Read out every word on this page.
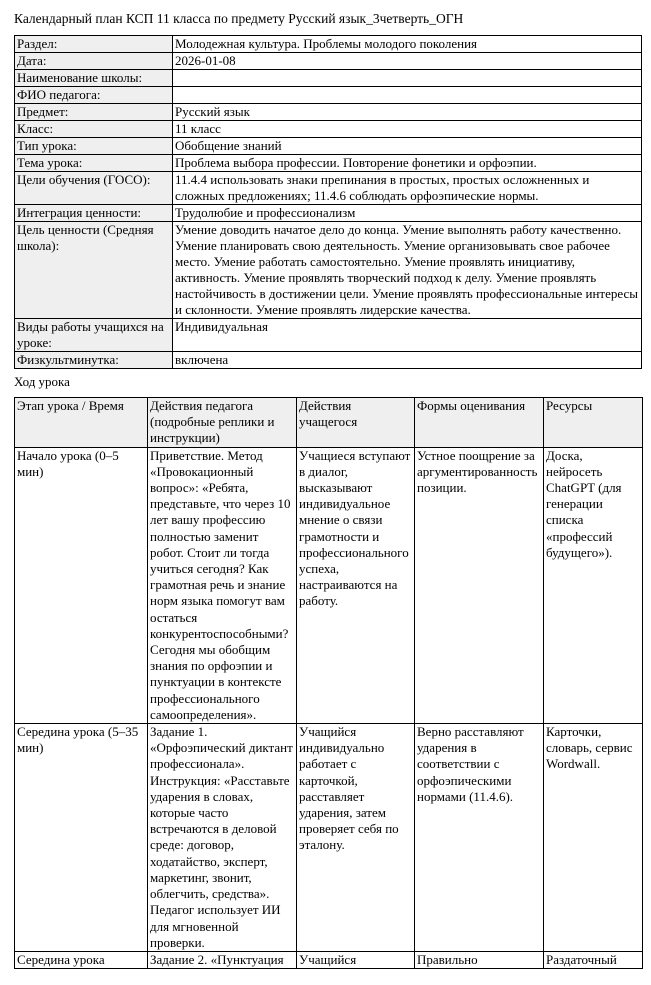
Календарный план КСП 11 класса по предмету Русский язык_3четверть_ОГН
Раздел:	Молодежная культура. Проблемы молодого поколения
Дата:	2026-01-08
Наименование школы:	
ФИО педагога:	
Предмет:	Русский язык
Класс:	11 класс
Тип урока:	Обобщение знаний
Тема урока:	Проблема выбора профессии. Повторение фонетики и орфоэпии.
Цели обучения (ГОСО):	11.4.4 использовать знаки препинания в простых, простых осложненных и сложных предложениях; 11.4.6 соблюдать орфоэпические нормы.
Интеграция ценности:	Трудолюбие и профессионализм
Цель ценности (Средняя школа):	Умение доводить начатое дело до конца. Умение выполнять работу качественно. Умение планировать свою деятельность. Умение организовывать свое рабочее место. Умение работать самостоятельно. Умение проявлять инициативу, активность. Умение проявлять творческий подход к делу. Умение проявлять настойчивость в достижении цели. Умение проявлять профессиональные интересы и склонности. Умение проявлять лидерские качества.
Виды работы учащихся на уроке:	Индивидуальная
Физкультминутка:	включена
Ход урока
Этап урока / Время	Действия педагога (подробные реплики и инструкции)	Действия учащегося	Формы оценивания	Ресурсы
Начало урока (0–5 мин)	Приветствие. Метод «Провокационный вопрос»: «Ребята, представьте, что через 10 лет вашу профессию полностью заменит робот. Стоит ли тогда учиться сегодня? Как грамотная речь и знание норм языка помогут вам остаться конкурентоспособными? Сегодня мы обобщим знания по орфоэпии и пунктуации в контексте профессионального самоопределения».	Учащиеся вступают в диалог, высказывают индивидуальное мнение о связи грамотности и профессионального успеха, настраиваются на работу.	Устное поощрение за аргументированность позиции.	Доска, нейросеть ChatGPT (для генерации списка «профессий будущего»).
Середина урока (5–35 мин)	Задание 1. «Орфоэпический диктант профессионала». Инструкция: «Расставьте ударения в словах, которые часто встречаются в деловой среде: договор, ходатайство, эксперт, маркетинг, звонит, облегчить, средства». Педагог использует ИИ для мгновенной проверки.	Учащийся индивидуально работает с карточкой, расставляет ударения, затем проверяет себя по эталону.	Верно расставляют ударения в соответствии с орфоэпическими нормами (11.4.6).	Карточки, словарь, сервис Wordwall.
Середина урока	Задание 2. «Пунктуация	Учащийся	Правильно	Раздаточный
